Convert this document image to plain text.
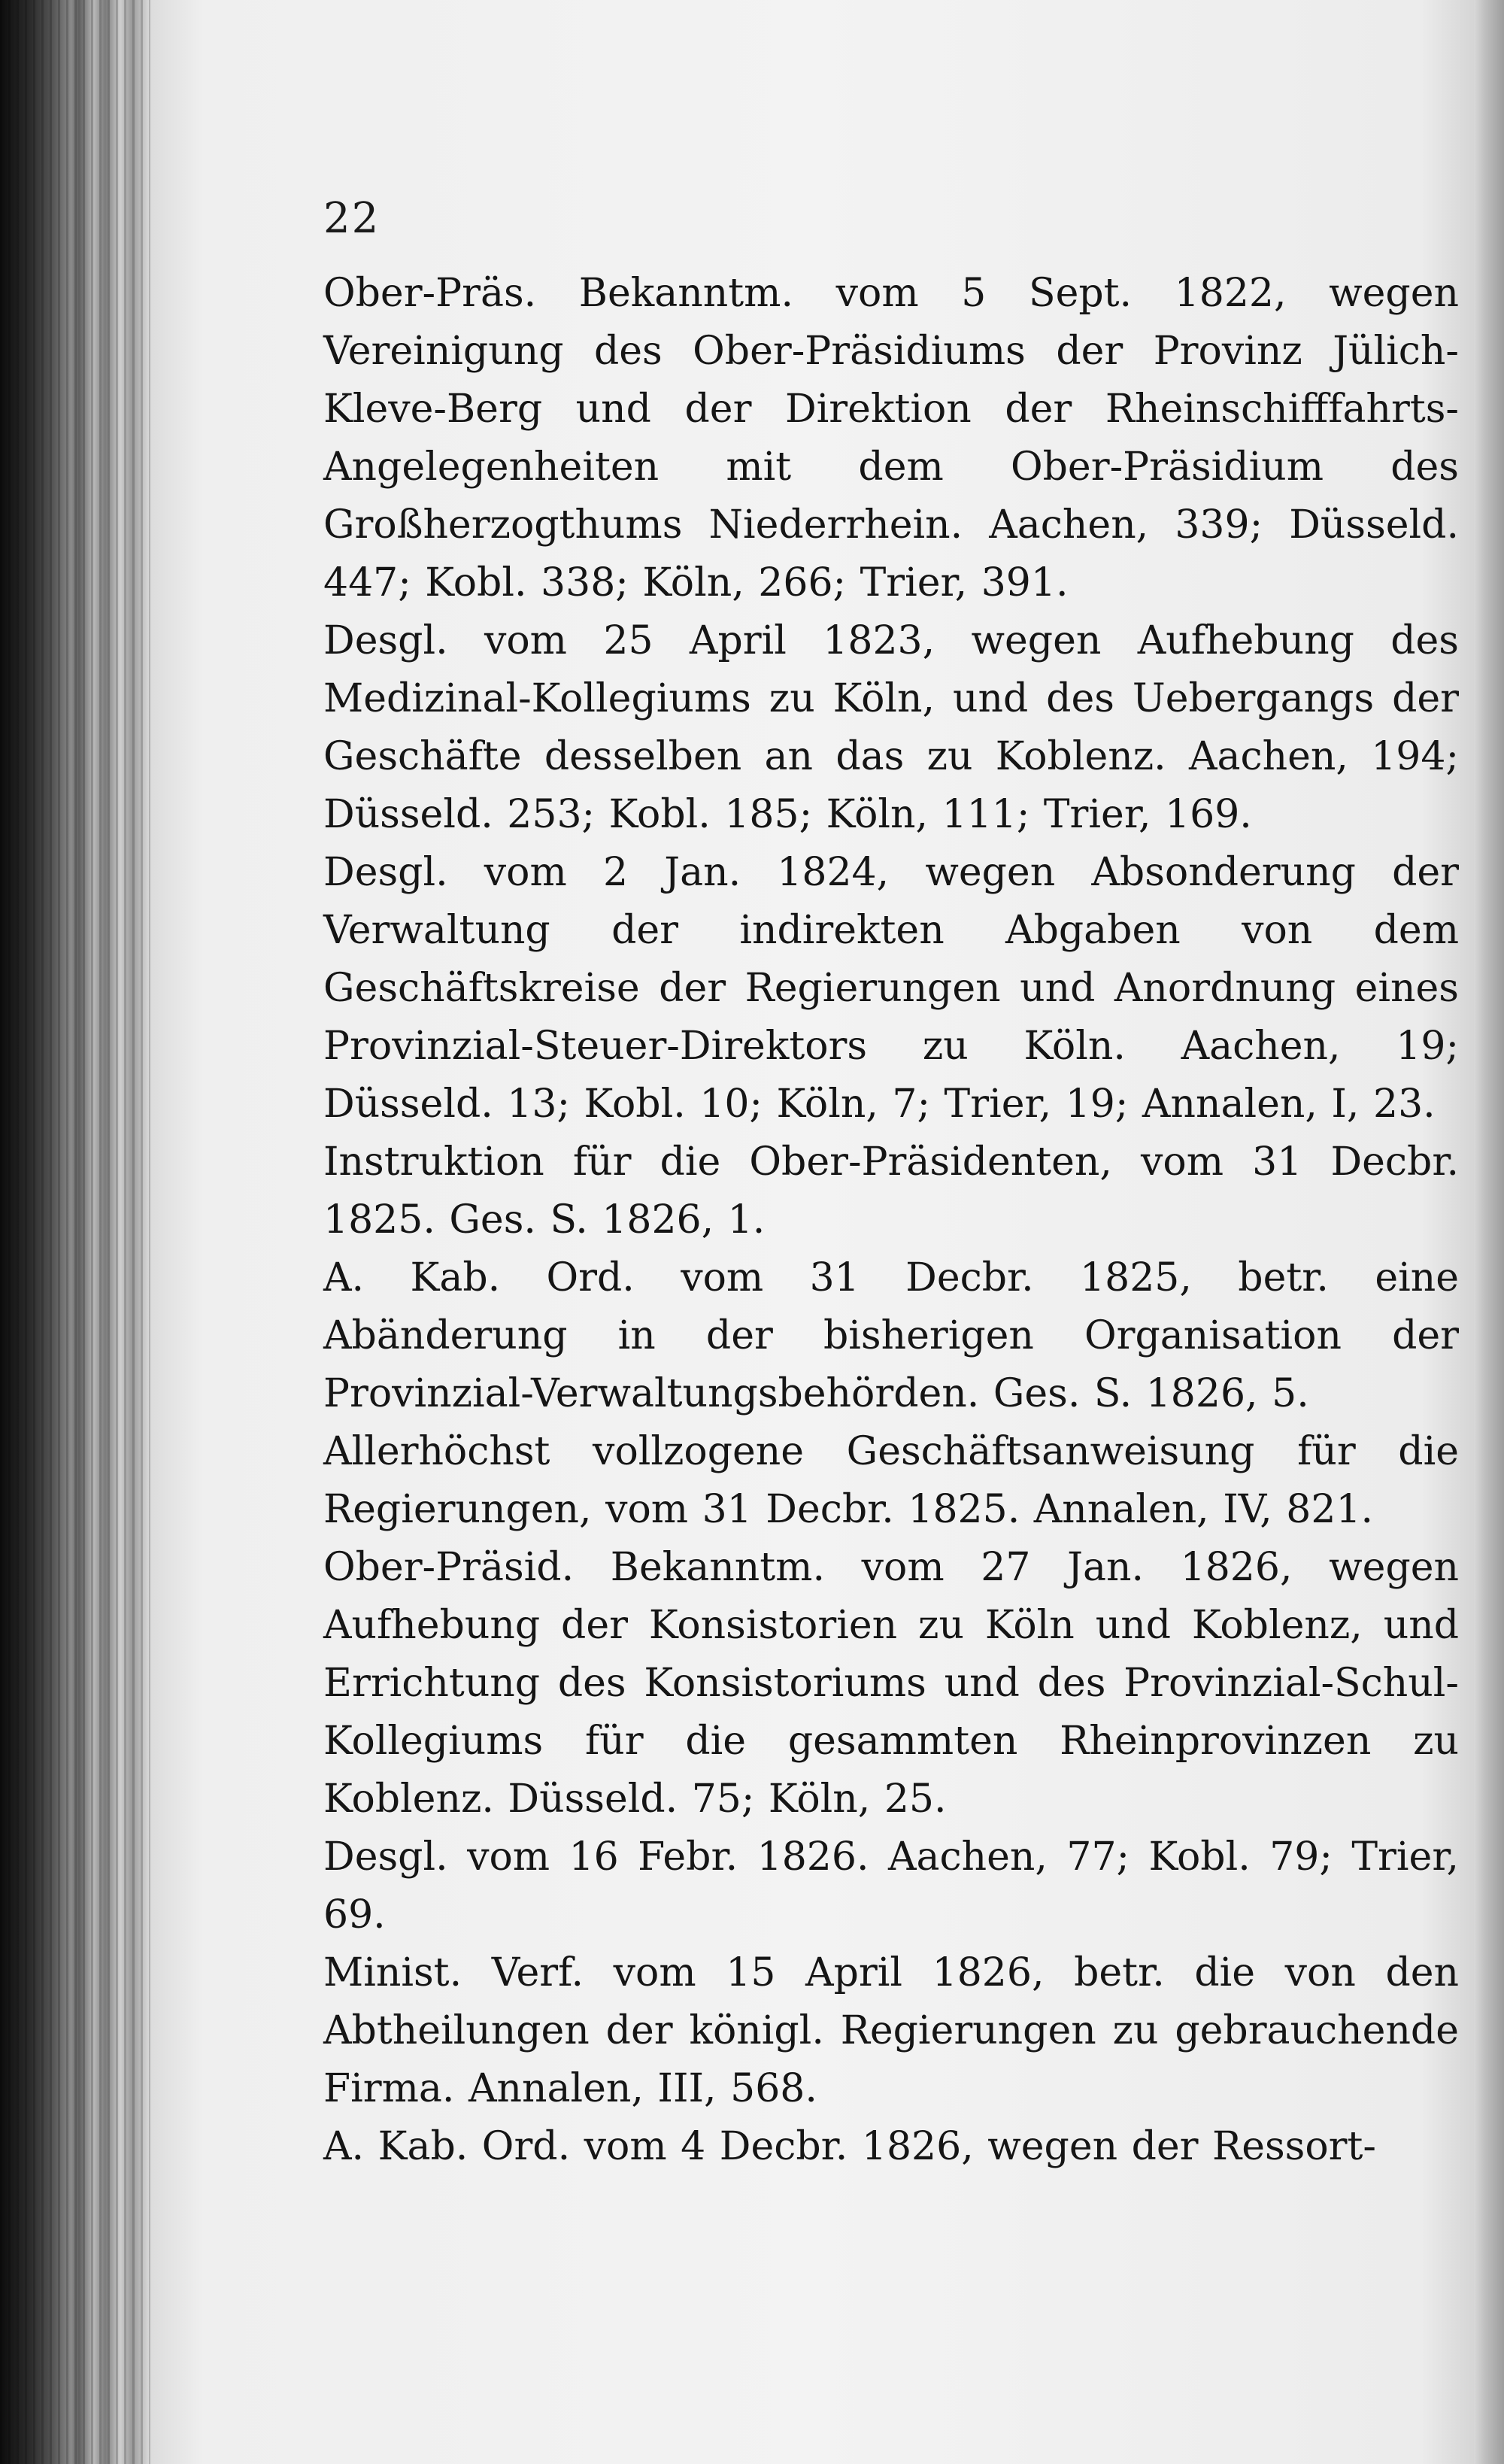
22

Ober-Präs. Bekanntm. vom 5 Sept. 1822, wegen Vereinigung des Ober-Präsidiums der Provinz Jülich-Kleve-Berg und der Direktion der Rheinschifffahrts-Angelegenheiten mit dem Ober-Präsidium des Großherzogthums Niederrhein. Aachen, 339; Düsseld. 447; Kobl. 338; Köln, 266; Trier, 391.

Desgl. vom 25 April 1823, wegen Aufhebung des Medizinal-Kollegiums zu Köln, und des Uebergangs der Geschäfte desselben an das zu Koblenz. Aachen, 194; Düsseld. 253; Kobl. 185; Köln, 111; Trier, 169.

Desgl. vom 2 Jan. 1824, wegen Absonderung der Verwaltung der indirekten Abgaben von dem Geschäftskreise der Regierungen und Anordnung eines Provinzial-Steuer-Direktors zu Köln. Aachen, 19; Düsseld. 13; Kobl. 10; Köln, 7; Trier, 19; Annalen, I, 23.

Instruktion für die Ober-Präsidenten, vom 31 Decbr. 1825. Ges. S. 1826, 1.

A. Kab. Ord. vom 31 Decbr. 1825, betr. eine Abänderung in der bisherigen Organisation der Provinzial-Verwaltungsbehörden. Ges. S. 1826, 5.

Allerhöchst vollzogene Geschäftsanweisung für die Regierungen, vom 31 Decbr. 1825. Annalen, IV, 821.

Ober-Präsid. Bekanntm. vom 27 Jan. 1826, wegen Aufhebung der Konsistorien zu Köln und Koblenz, und Errichtung des Konsistoriums und des Provinzial-Schul-Kollegiums für die gesammten Rheinprovinzen zu Koblenz. Düsseld. 75; Köln, 25.

Desgl. vom 16 Febr. 1826. Aachen, 77; Kobl. 79; Trier, 69.

Minist. Verf. vom 15 April 1826, betr. die von den Abtheilungen der königl. Regierungen zu gebrauchende Firma. Annalen, III, 568.

A. Kab. Ord. vom 4 Decbr. 1826, wegen der Ressort-
